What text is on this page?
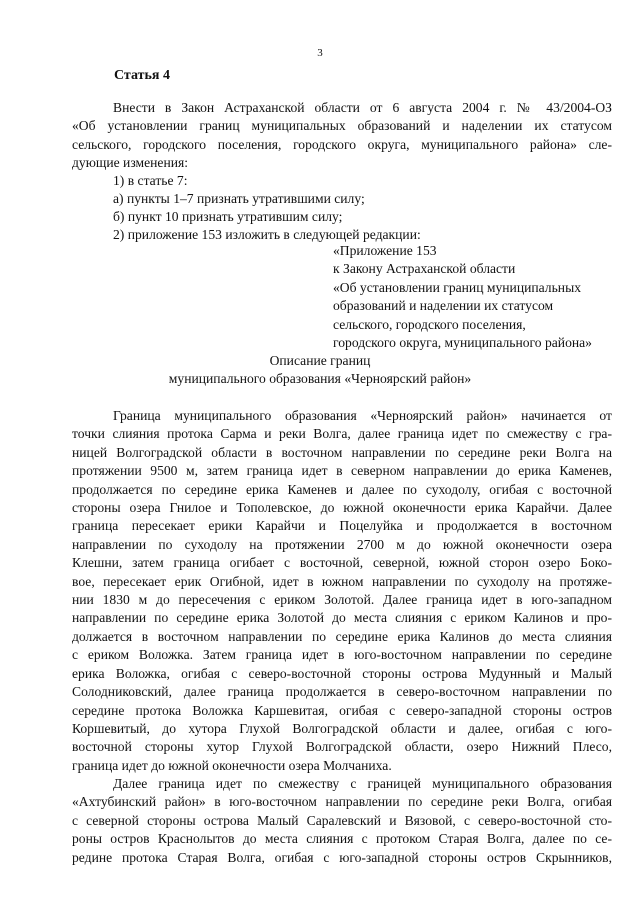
3
Статья 4
Внести в Закон Астраханской области от 6 августа 2004 г. № 43/2004-ОЗ
«Об установлении границ муниципальных образований и наделении их статусом
сельского, городского поселения, городского округа, муниципального района» сле-
дующие изменения:
1) в статье 7:
а) пункты 1–7 признать утратившими силу;
б) пункт 10 признать утратившим силу;
2) приложение 153 изложить в следующей редакции:
«Приложение 153
к Закону Астраханской области
«Об установлении границ муниципальных
образований и наделении их статусом
сельского, городского поселения,
городского округа, муниципального района»
Описание границ
муниципального образования «Черноярский район»
Граница муниципального образования «Черноярский район» начинается от
точки слияния протока Сарма и реки Волга, далее граница идет по смежеству с гра-
ницей Волгоградской области в восточном направлении по середине реки Волга на
протяжении 9500 м, затем граница идет в северном направлении до ерика Каменев,
продолжается по середине ерика Каменев и далее по суходолу, огибая с восточной
стороны озера Гнилое и Тополевское, до южной оконечности ерика Карайчи. Далее
граница пересекает ерики Карайчи и Поцелуйка и продолжается в восточном
направлении по суходолу на протяжении 2700 м до южной оконечности озера
Клешни, затем граница огибает с восточной, северной, южной сторон озеро Боко-
вое, пересекает ерик Огибной, идет в южном направлении по суходолу на протяже-
нии 1830 м до пересечения с ериком Золотой. Далее граница идет в юго-западном
направлении по середине ерика Золотой до места слияния с ериком Калинов и про-
должается в восточном направлении по середине ерика Калинов до места слияния
с ериком Воложка. Затем граница идет в юго-восточном направлении по середине
ерика Воложка, огибая с северо-восточной стороны острова Мудунный и Малый
Солодниковский, далее граница продолжается в северо-восточном направлении по
середине протока Воложка Каршевитая, огибая с северо-западной стороны остров
Коршевитый, до хутора Глухой Волгоградской области и далее, огибая с юго-
восточной стороны хутор Глухой Волгоградской области, озеро Нижний Плесо,
граница идет до южной оконечности озера Молчаниха.
Далее граница идет по смежеству с границей муниципального образования
«Ахтубинский район» в юго-восточном направлении по середине реки Волга, огибая
с северной стороны острова Малый Саралевский и Вязовой, с северо-восточной сто-
роны остров Краснолытов до места слияния с протоком Старая Волга, далее по се-
редине протока Старая Волга, огибая с юго-западной стороны остров Скрынников,
